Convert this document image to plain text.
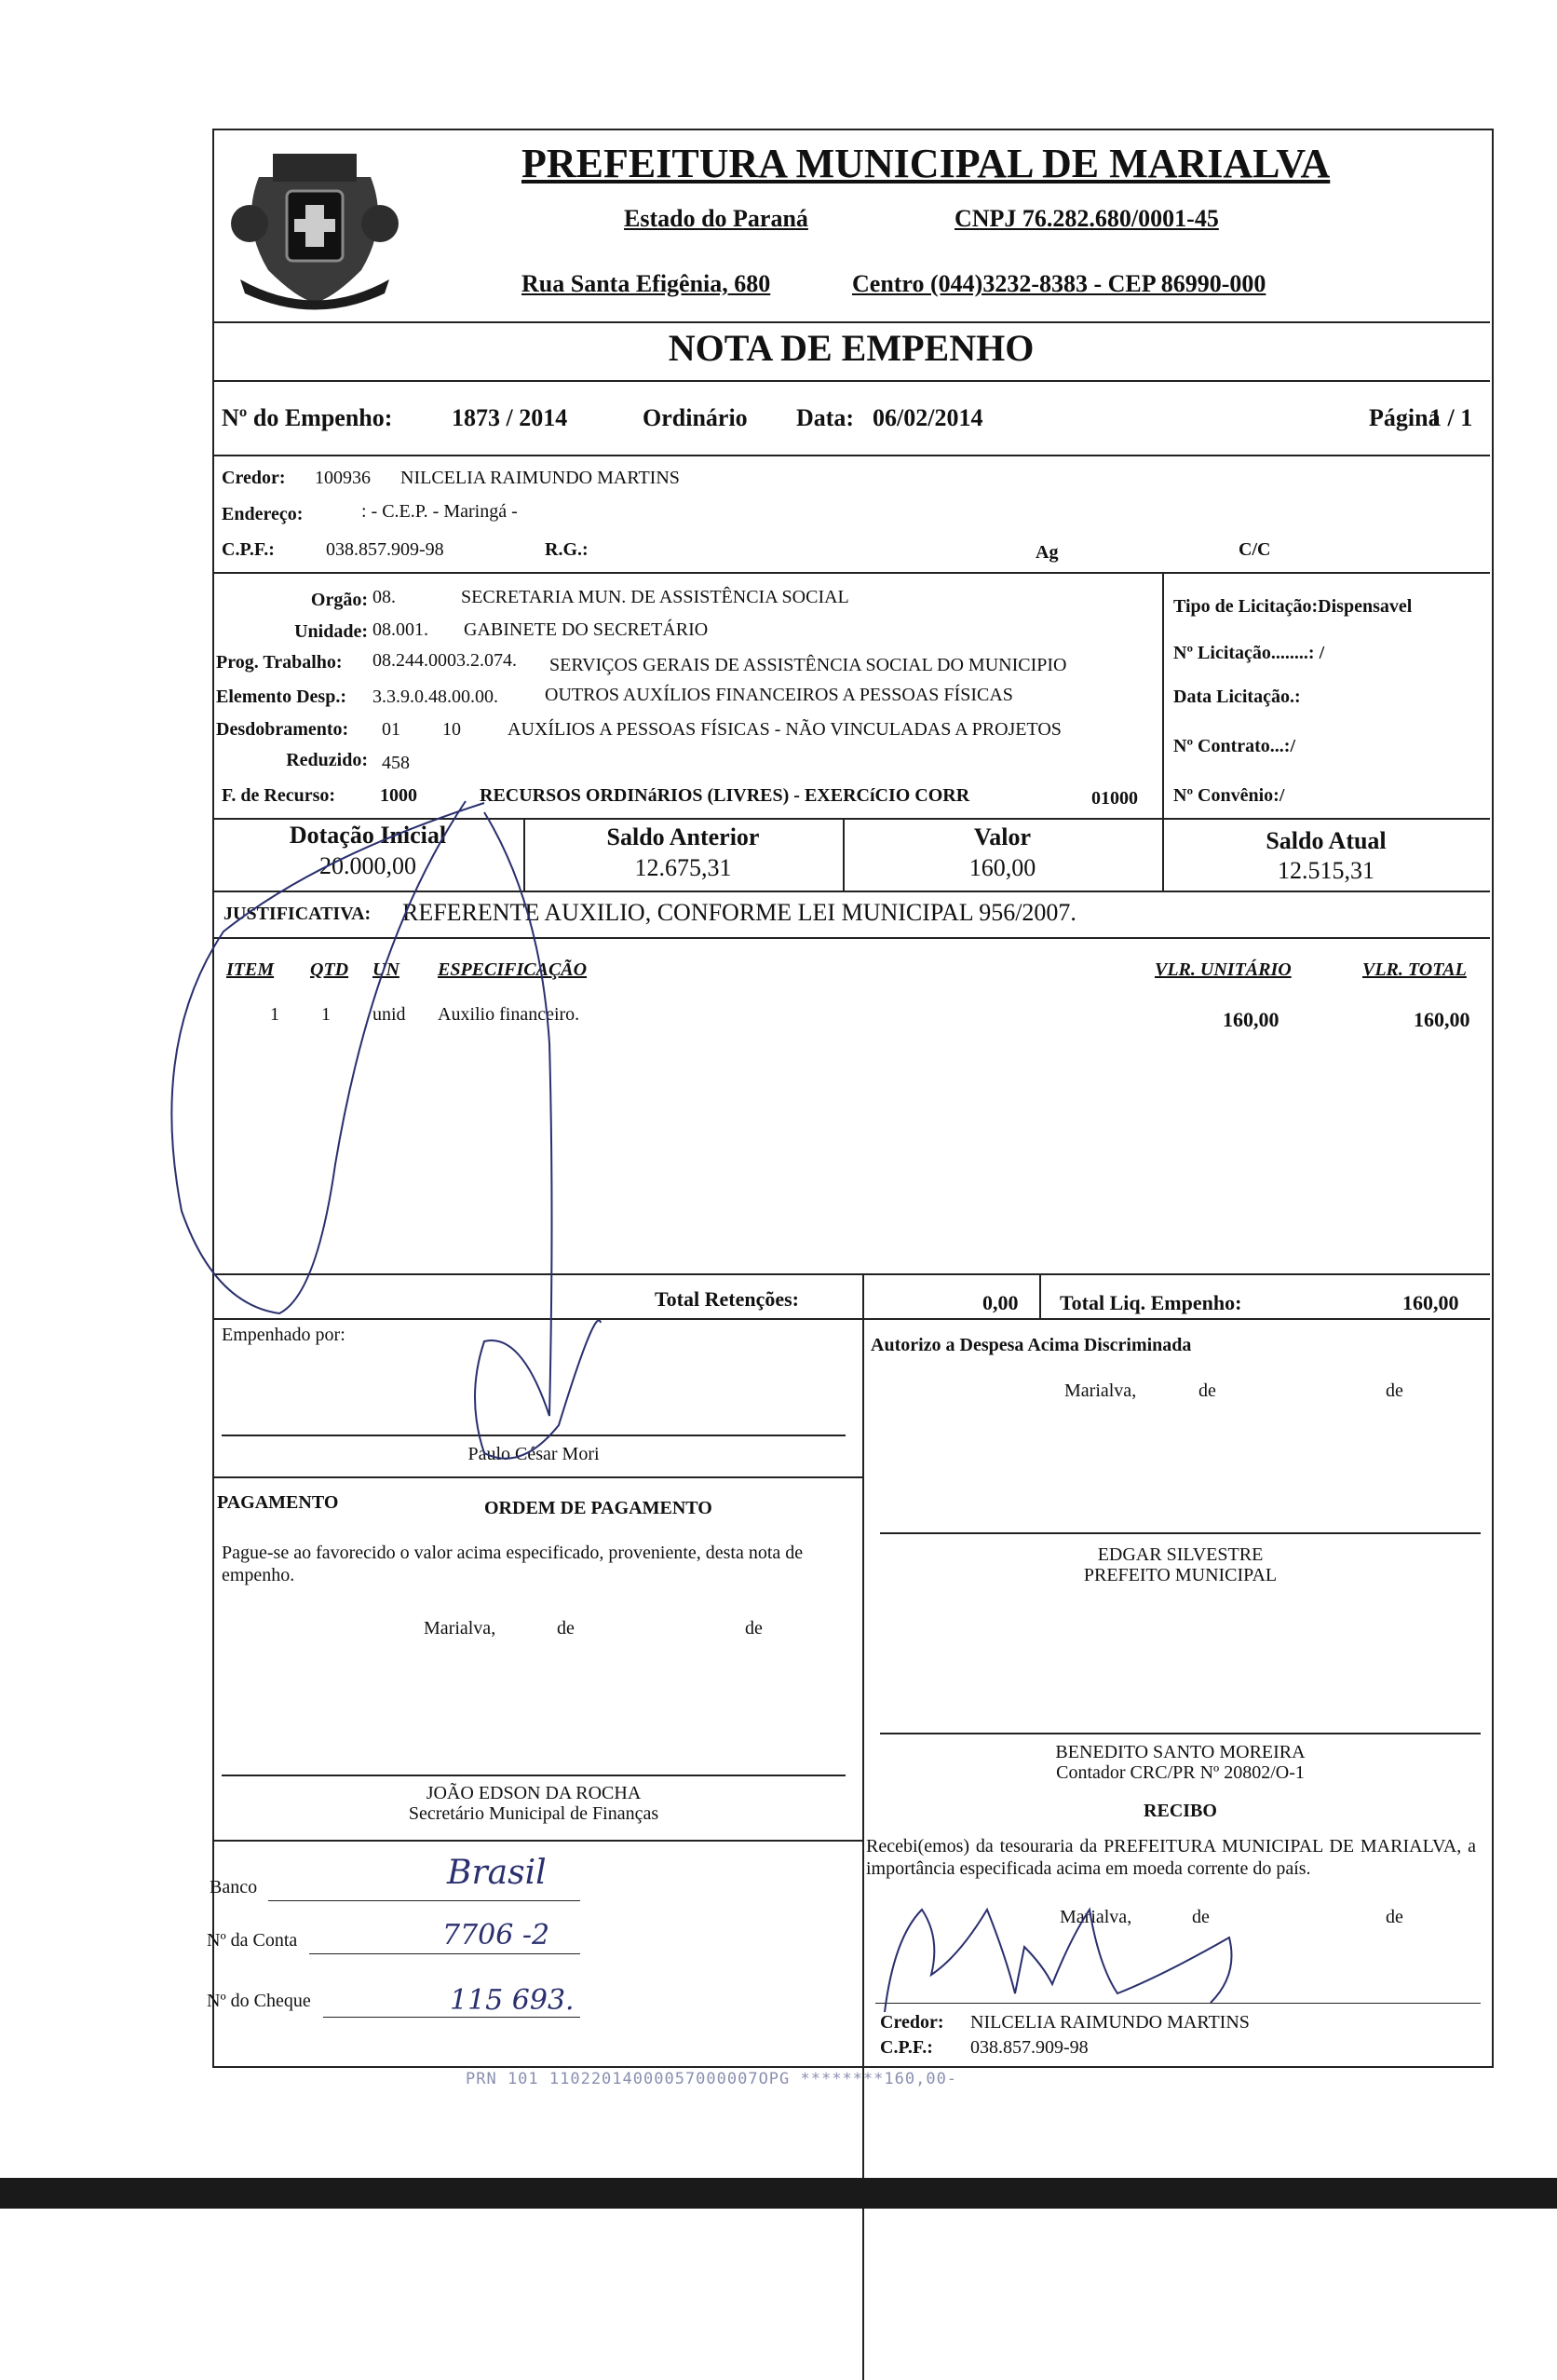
PREFEITURA MUNICIPAL DE MARIALVA
Estado do Paraná	CNPJ 76.282.680/0001-45
Rua Santa Efigênia, 680	Centro (044)3232-8383 - CEP 86990-000
NOTA DE EMPENHO
Nº do Empenho: 1873 / 2014	Ordinário Data: 06/02/2014	Página
1 / 1
Credor: 100936 NILCELIA RAIMUNDO MARTINS
Endereço:	: - C.E.P. - Maringá -
C.P.F.:	038.857.909-98	R.G.:	Ag	C/C
Orgão: 08.	SECRETARIA MUN. DE ASSISTÊNCIA SOCIAL
Unidade: 08.001. GABINETE DO SECRETÁRIO
Prog. Trabalho: 08.244.0003.2.074. SERVIÇOS GERAIS DE ASSISTÊNCIA SOCIAL DO MUNICIPIO
Elemento Desp.: 3.3.9.0.48.00.00.	OUTROS AUXÍLIOS FINANCEIROS A PESSOAS FÍSICAS
Desdobramento: 01 10	AUXÍLIOS A PESSOAS FÍSICAS - NÃO VINCULADAS A PROJETOS
Reduzido: 458
F. de Recurso: 1000	RECURSOS ORDINáRIOS (LIVRES) - EXERCíCIO CORR	01000
Tipo de Licitação:Dispensavel
Nº Licitação........: /
Data Licitação.:
Nº Contrato...:/
Nº Convênio:/
Dotação Inicial
20.000,00
Saldo Anterior
12.675,31
Valor
160,00
Saldo Atual
12.515,31
JUSTIFICATIVA: REFERENTE AUXILIO, CONFORME LEI MUNICIPAL 956/2007.
ITEM QTD UN ESPECIFICAÇÃO	VLR. UNITÁRIO	VLR. TOTAL
1 1 unid Auxilio financeiro.	160,00	160,00
Total Retenções:	0,00 Total Liq. Empenho:	160,00
Empenhado por:
Paulo César Mori
Autorizo a Despesa Acima Discriminada
Marialva,	de	de
PAGAMENTO	ORDEM DE PAGAMENTO
Pague-se ao favorecido o valor acima especificado, proveniente, desta nota de empenho.
Marialva,	de	de
EDGAR SILVESTRE
PREFEITO MUNICIPAL
BENEDITO SANTO MOREIRA
Contador CRC/PR Nº 20802/O-1
RECIBO
JOÃO EDSON DA ROCHA
Secretário Municipal de Finanças
Recebi(emos) da tesouraria da PREFEITURA MUNICIPAL DE MARIALVA, a importância especificada acima em moeda corrente do país.
Marialva,	de	de
Credor: NILCELIA RAIMUNDO MARTINS
C.P.F.: 038.857.909-98
Banco	Brasil
Nº da Conta	7706 -2
Nº do Cheque	115 693.
PRN 101 11022014000057000007OPG ********160,00-
